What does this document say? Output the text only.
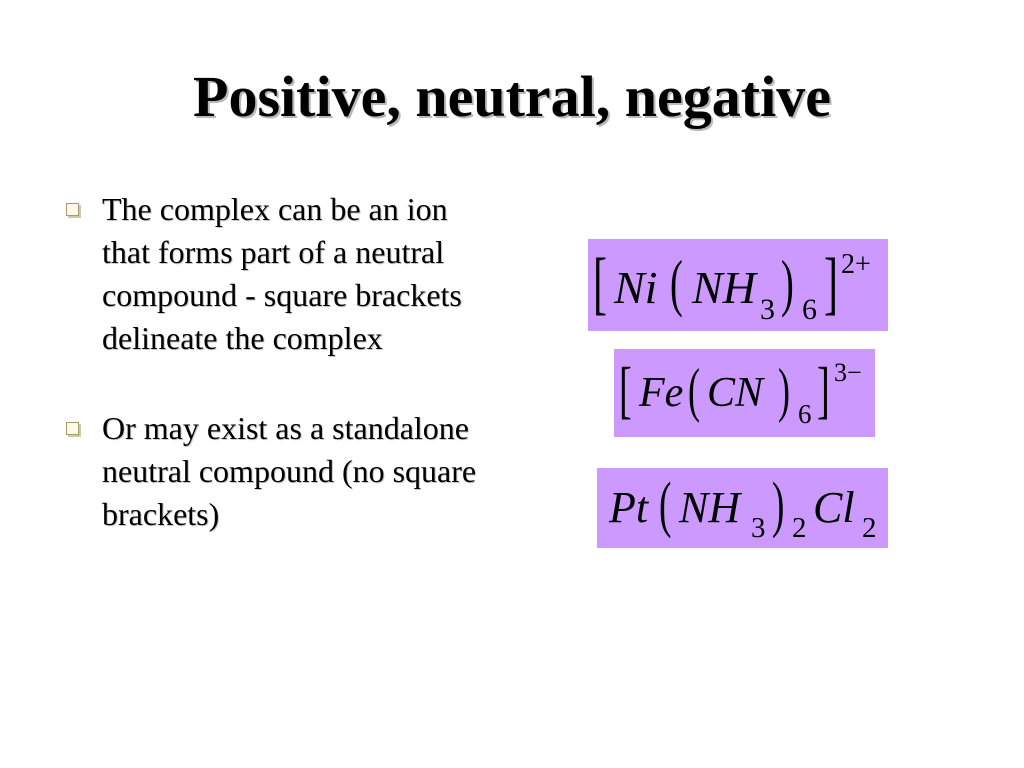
Positive, neutral, negative
The complex can be an ion that forms part of a neutral compound - square brackets delineate the complex
Or may exist as a standalone neutral compound (no square brackets)
[ Ni ( NH 3 ) 6 ] 2+
[ Fe ( CN ) 6 ] 3−
Pt ( NH 3 ) 2 Cl 2
